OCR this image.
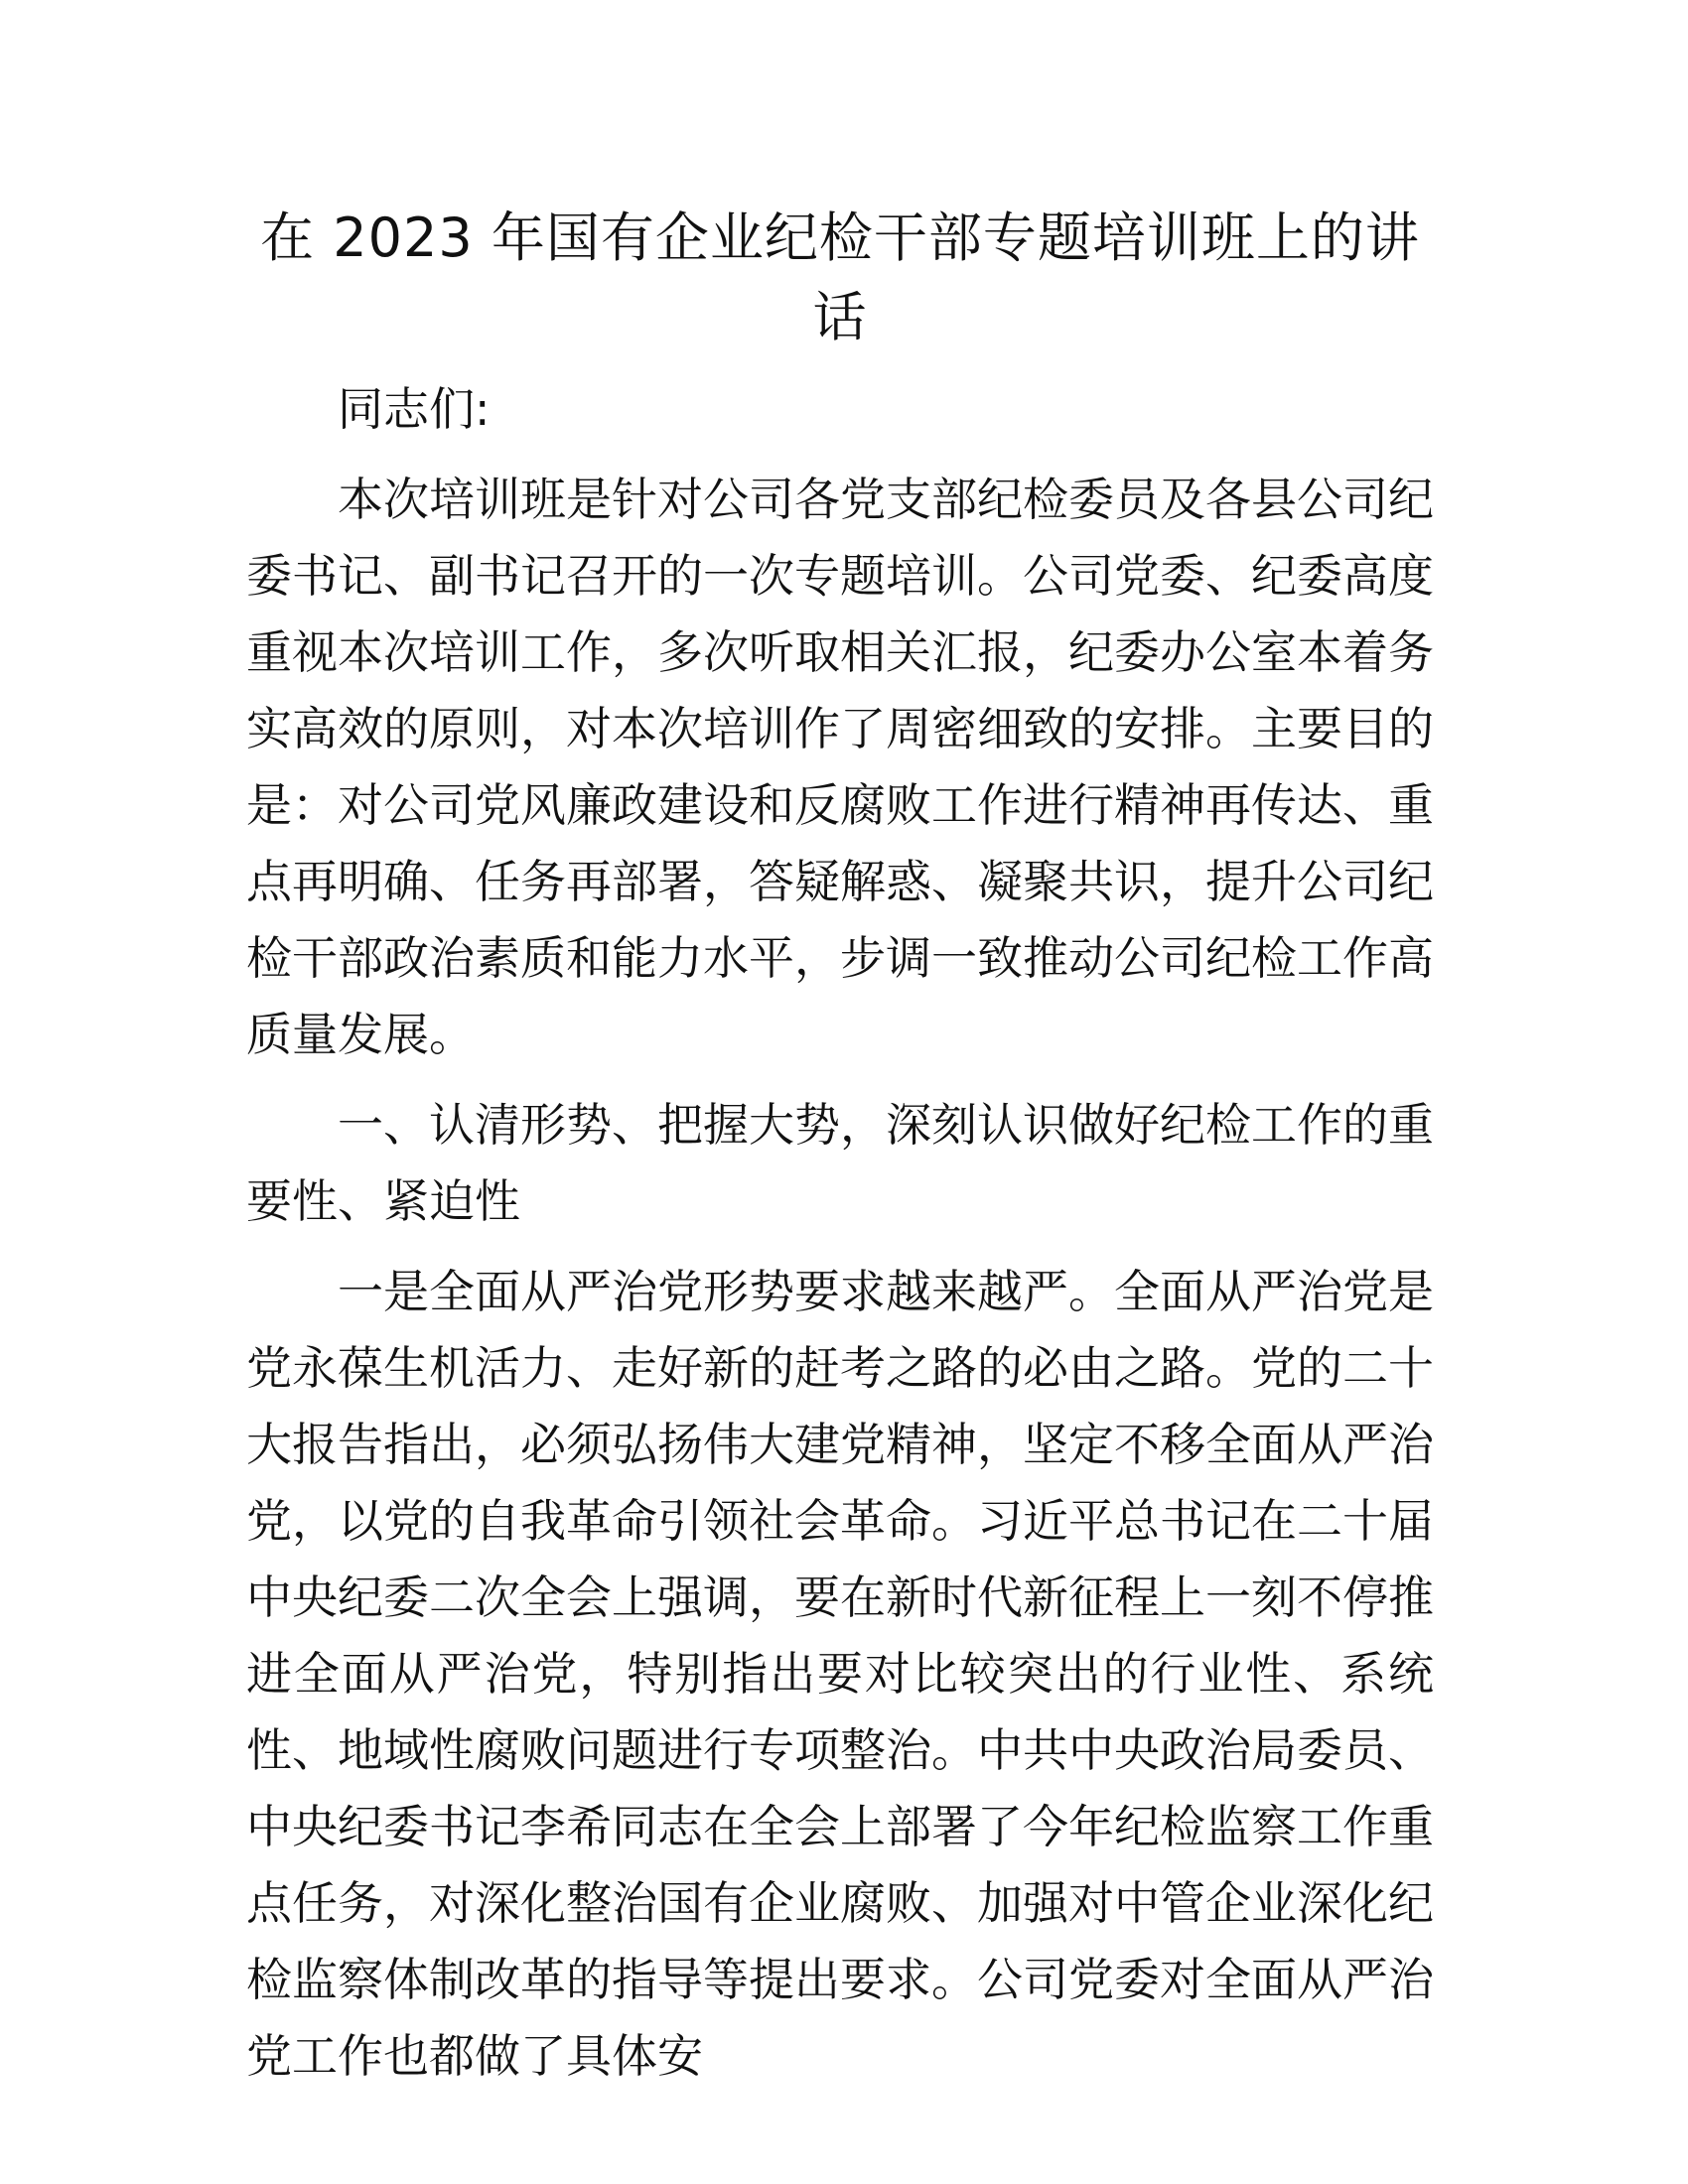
在 2023 年国有企业纪检干部专题培训班上的讲话

同志们:

本次培训班是针对公司各党支部纪检委员及各县公司纪委书记、副书记召开的一次专题培训。公司党委、纪委高度重视本次培训工作，多次听取相关汇报，纪委办公室本着务实高效的原则，对本次培训作了周密细致的安排。主要目的是：对公司党风廉政建设和反腐败工作进行精神再传达、重点再明确、任务再部署，答疑解惑、凝聚共识，提升公司纪检干部政治素质和能力水平，步调一致推动公司纪检工作高质量发展。

一、认清形势、把握大势，深刻认识做好纪检工作的重要性、紧迫性

一是全面从严治党形势要求越来越严。全面从严治党是党永葆生机活力、走好新的赶考之路的必由之路。党的二十大报告指出，必须弘扬伟大建党精神，坚定不移全面从严治党，以党的自我革命引领社会革命。习近平总书记在二十届中央纪委二次全会上强调，要在新时代新征程上一刻不停推进全面从严治党，特别指出要对比较突出的行业性、系统性、地域性腐败问题进行专项整治。中共中央政治局委员、中央纪委书记李希同志在全会上部署了今年纪检监察工作重点任务，对深化整治国有企业腐败、加强对中管企业深化纪检监察体制改革的指导等提出要求。公司党委对全面从严治党工作也都做了具体安
